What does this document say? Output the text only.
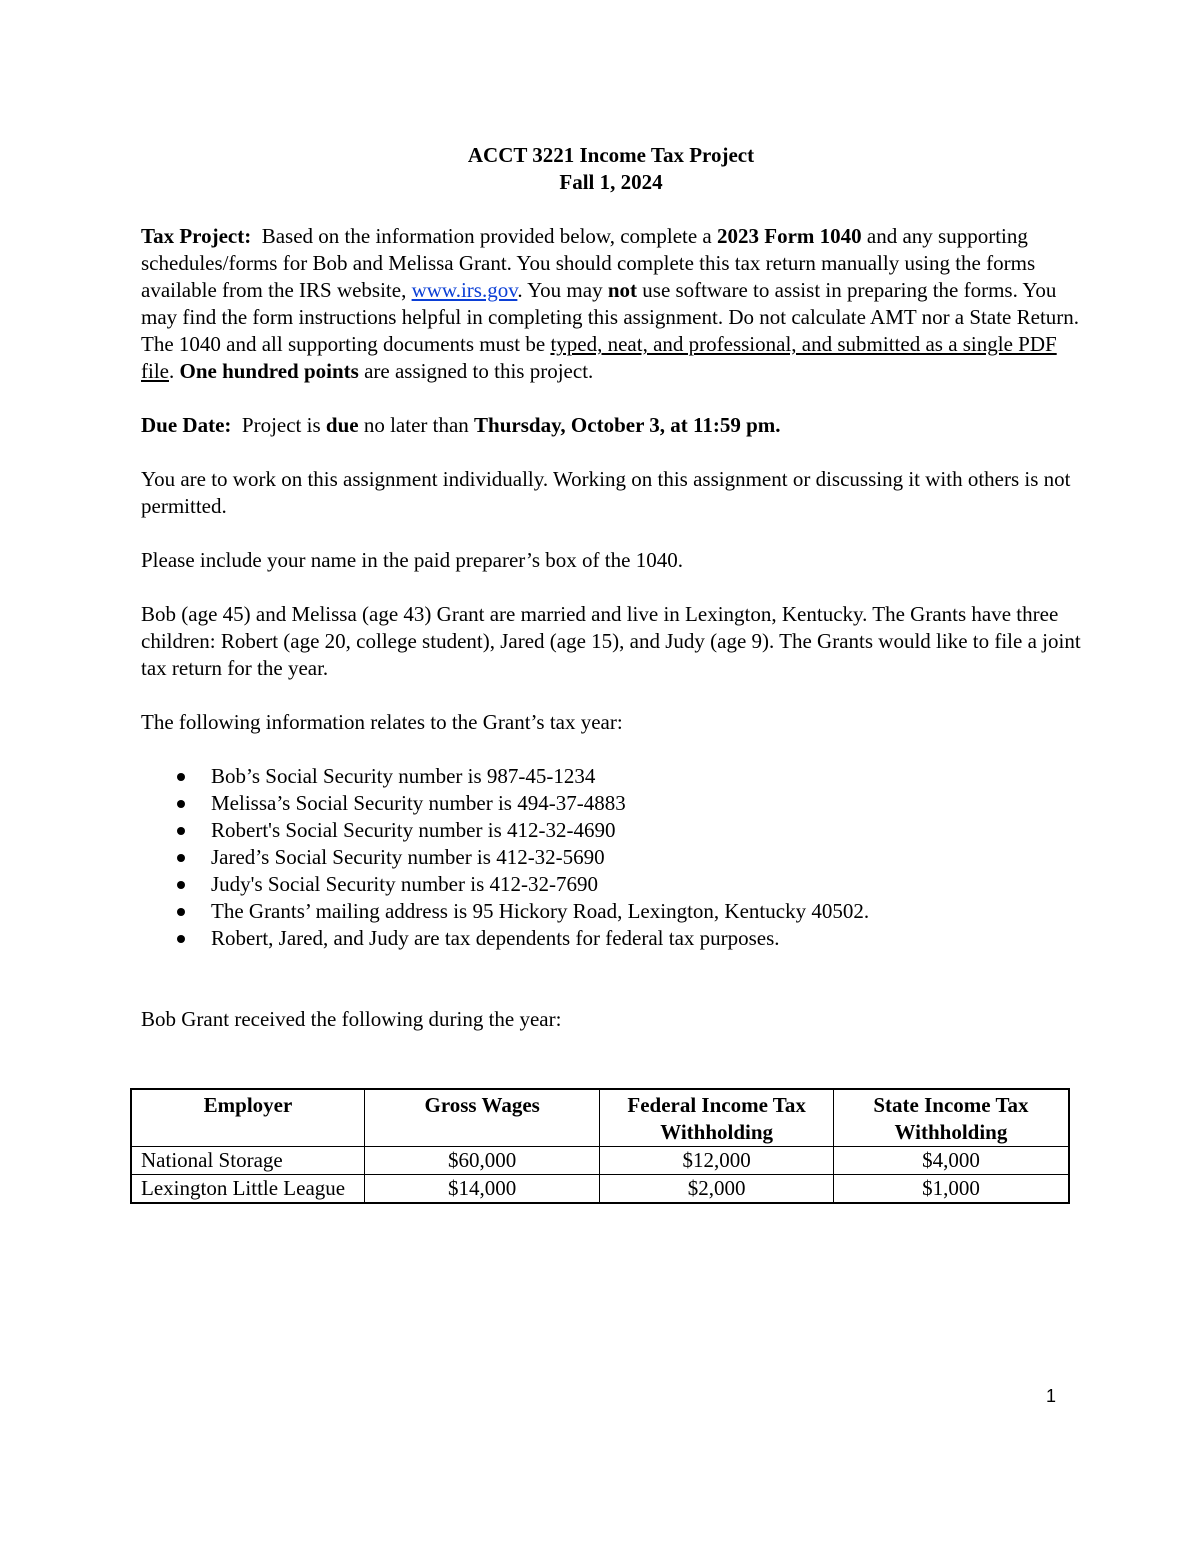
ACCT 3221 Income Tax Project
Fall 1, 2024

Tax Project: Based on the information provided below, complete a 2023 Form 1040 and any supporting schedules/forms for Bob and Melissa Grant. You should complete this tax return manually using the forms available from the IRS website, www.irs.gov. You may not use software to assist in preparing the forms. You may find the form instructions helpful in completing this assignment. Do not calculate AMT nor a State Return. The 1040 and all supporting documents must be typed, neat, and professional, and submitted as a single PDF file. One hundred points are assigned to this project.

Due Date: Project is due no later than Thursday, October 3, at 11:59 pm.

You are to work on this assignment individually. Working on this assignment or discussing it with others is not permitted.

Please include your name in the paid preparer’s box of the 1040.

Bob (age 45) and Melissa (age 43) Grant are married and live in Lexington, Kentucky. The Grants have three children: Robert (age 20, college student), Jared (age 15), and Judy (age 9). The Grants would like to file a joint tax return for the year.

The following information relates to the Grant’s tax year:

Bob’s Social Security number is 987-45-1234
Melissa’s Social Security number is 494-37-4883
Robert's Social Security number is 412-32-4690
Jared’s Social Security number is 412-32-5690
Judy's Social Security number is 412-32-7690
The Grants’ mailing address is 95 Hickory Road, Lexington, Kentucky 40502.
Robert, Jared, and Judy are tax dependents for federal tax purposes.

Bob Grant received the following during the year:

Employer	Gross Wages	Federal Income Tax Withholding	State Income Tax Withholding
National Storage	$60,000	$12,000	$4,000
Lexington Little League	$14,000	$2,000	$1,000
1
